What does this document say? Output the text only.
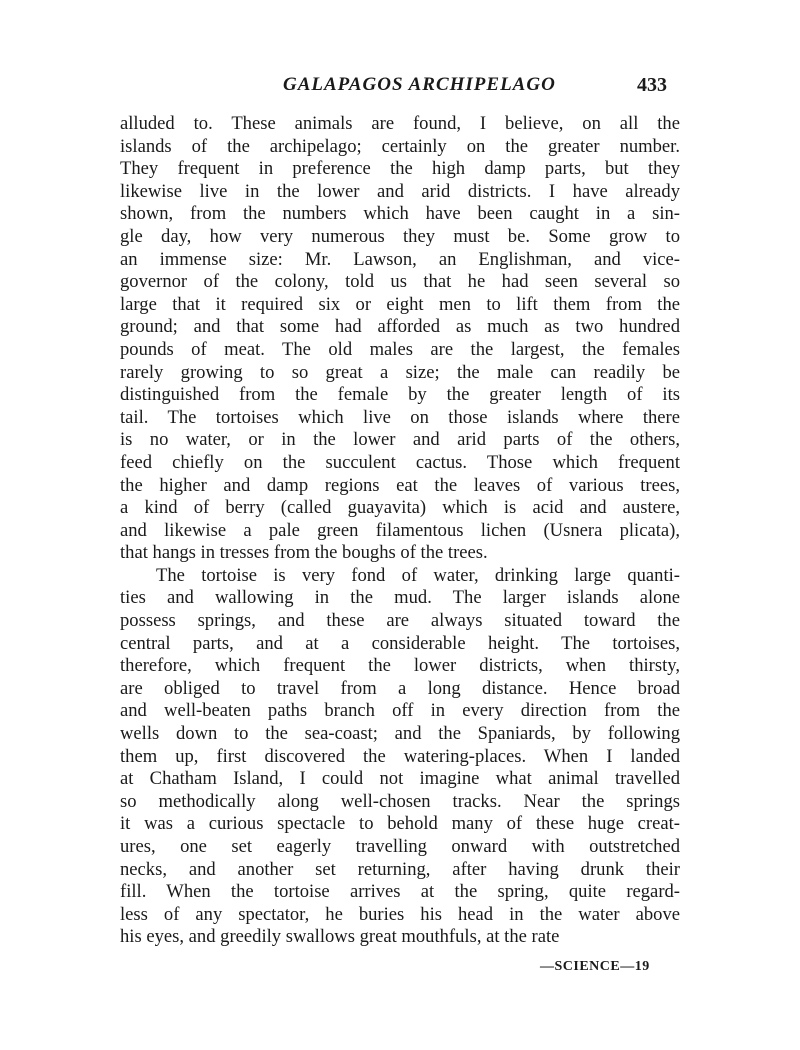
GALAPAGOS ARCHIPELAGO	433
alluded to. These animals are found, I believe, on all the
islands of the archipelago; certainly on the greater number.
They frequent in preference the high damp parts, but they
likewise live in the lower and arid districts. I have already
shown, from the numbers which have been caught in a sin-
gle day, how very numerous they must be. Some grow to
an immense size: Mr. Lawson, an Englishman, and vice-
governor of the colony, told us that he had seen several so
large that it required six or eight men to lift them from the
ground; and that some had afforded as much as two hundred
pounds of meat. The old males are the largest, the females
rarely growing to so great a size; the male can readily be
distinguished from the female by the greater length of its
tail. The tortoises which live on those islands where there
is no water, or in the lower and arid parts of the others,
feed chiefly on the succulent cactus. Those which frequent
the higher and damp regions eat the leaves of various trees,
a kind of berry (called guayavita) which is acid and austere,
and likewise a pale green filamentous lichen (Usnera plicata),
that hangs in tresses from the boughs of the trees.
The tortoise is very fond of water, drinking large quanti-
ties and wallowing in the mud. The larger islands alone
possess springs, and these are always situated toward the
central parts, and at a considerable height. The tortoises,
therefore, which frequent the lower districts, when thirsty,
are obliged to travel from a long distance. Hence broad
and well-beaten paths branch off in every direction from the
wells down to the sea-coast; and the Spaniards, by following
them up, first discovered the watering-places. When I landed
at Chatham Island, I could not imagine what animal travelled
so methodically along well-chosen tracks. Near the springs
it was a curious spectacle to behold many of these huge creat-
ures, one set eagerly travelling onward with outstretched
necks, and another set returning, after having drunk their
fill. When the tortoise arrives at the spring, quite regard-
less of any spectator, he buries his head in the water above
his eyes, and greedily swallows great mouthfuls, at the rate
—SCIENCE—19
